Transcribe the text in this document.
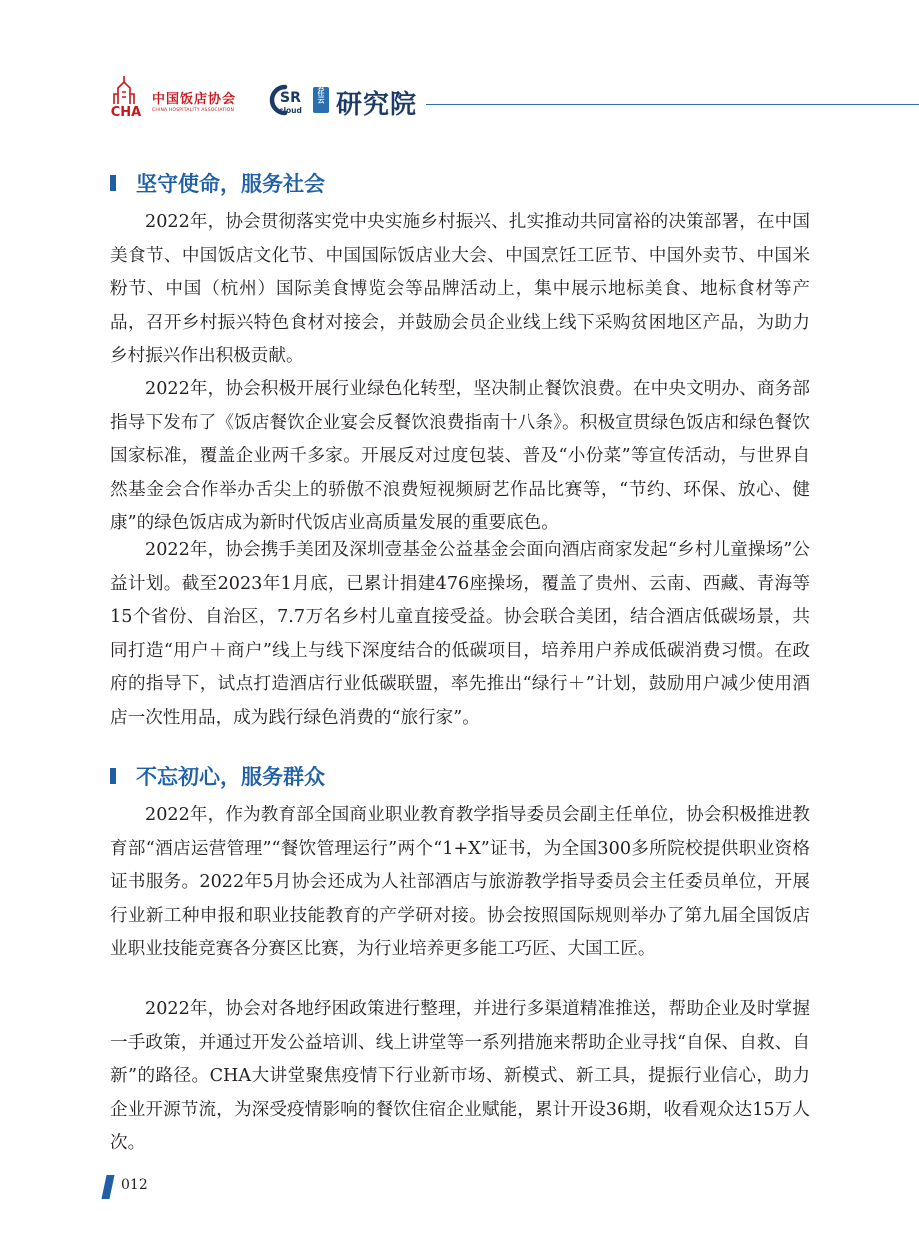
CHA
中国饭店协会
CHINA HOSPITALITY ASSOCIATION
SR
cloud
责任云 研究院
坚守使命，服务社会

2022年，协会贯彻落实党中央实施乡村振兴、扎实推动共同富裕的决策部署，在中国美食节、中国饭店文化节、中国国际饭店业大会、中国烹饪工匠节、中国外卖节、中国米粉节、中国（杭州）国际美食博览会等品牌活动上，集中展示地标美食、地标食材等产品，召开乡村振兴特色食材对接会，并鼓励会员企业线上线下采购贫困地区产品，为助力乡村振兴作出积极贡献。

2022年，协会积极开展行业绿色化转型，坚决制止餐饮浪费。在中央文明办、商务部指导下发布了《饭店餐饮企业宴会反餐饮浪费指南十八条》。积极宣贯绿色饭店和绿色餐饮国家标准，覆盖企业两千多家。开展反对过度包装、普及“小份菜”等宣传活动，与世界自然基金会合作举办舌尖上的骄傲不浪费短视频厨艺作品比赛等，“节约、环保、放心、健康”的绿色饭店成为新时代饭店业高质量发展的重要底色。

2022年，协会携手美团及深圳壹基金公益基金会面向酒店商家发起“乡村儿童操场”公益计划。截至2023年1月底，已累计捐建476座操场，覆盖了贵州、云南、西藏、青海等15个省份、自治区，7.7万名乡村儿童直接受益。协会联合美团，结合酒店低碳场景，共同打造“用户＋商户”线上与线下深度结合的低碳项目，培养用户养成低碳消费习惯。在政府的指导下，试点打造酒店行业低碳联盟，率先推出“绿行＋”计划，鼓励用户减少使用酒店一次性用品，成为践行绿色消费的“旅行家”。

不忘初心，服务群众

2022年，作为教育部全国商业职业教育教学指导委员会副主任单位，协会积极推进教育部“酒店运营管理”“餐饮管理运行”两个“1+X”证书，为全国300多所院校提供职业资格证书服务。2022年5月协会还成为人社部酒店与旅游教学指导委员会主任委员单位，开展行业新工种申报和职业技能教育的产学研对接。协会按照国际规则举办了第九届全国饭店业职业技能竞赛各分赛区比赛，为行业培养更多能工巧匠、大国工匠。

2022年，协会对各地纾困政策进行整理，并进行多渠道精准推送，帮助企业及时掌握一手政策，并通过开发公益培训、线上讲堂等一系列措施来帮助企业寻找“自保、自救、自新”的路径。CHA大讲堂聚焦疫情下行业新市场、新模式、新工具，提振行业信心，助力企业开源节流，为深受疫情影响的餐饮住宿企业赋能，累计开设36期，收看观众达15万人次。

012
